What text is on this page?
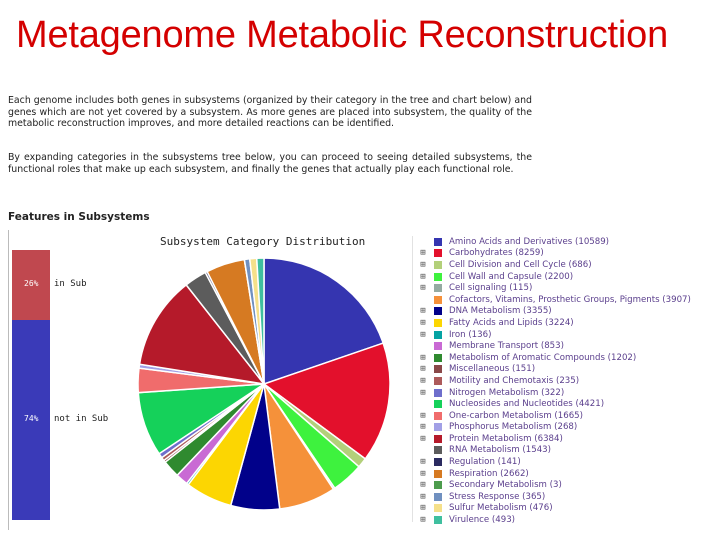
Metagenome Metabolic Reconstruction

Each genome includes both genes in subsystems (organized by their category in the tree and chart below) and genes which are not yet covered by a subsystem. As more genes are placed into subsystem, the quality of the metabolic reconstruction improves, and more detailed reactions can be identified.

By expanding categories in the subsystems tree below, you can proceed to seeing detailed subsystems, the functional roles that make up each subsystem, and finally the genes that actually play each functional role.

Features in Subsystems
26%
74%
in Sub
not in Sub
Subsystem Category Distribution	Amino Acids and Derivatives (10589)
⊞	Carbohydrates (8259)
⊞	Cell Division and Cell Cycle (686)
⊞	Cell Wall and Capsule (2200)
⊞	Cell signaling (115)
Cofactors, Vitamins, Prosthetic Groups, Pigments (3907)
⊞	DNA Metabolism (3355)
⊞	Fatty Acids and Lipids (3224)
⊞	Iron (136)
Membrane Transport (853)
⊞	Metabolism of Aromatic Compounds (1202)
⊞	Miscellaneous (151)
⊞	Motility and Chemotaxis (235)
⊞	Nitrogen Metabolism (322)
Nucleosides and Nucleotides (4421)
⊞	One-carbon Metabolism (1665)
⊞	Phosphorus Metabolism (268)
⊞	Protein Metabolism (6384)
RNA Metabolism (1543)
⊞	Regulation (141)
⊞	Respiration (2662)
⊞	Secondary Metabolism (3)
⊞	Stress Response (365)
⊞	Sulfur Metabolism (476)
⊞	Virulence (493)
